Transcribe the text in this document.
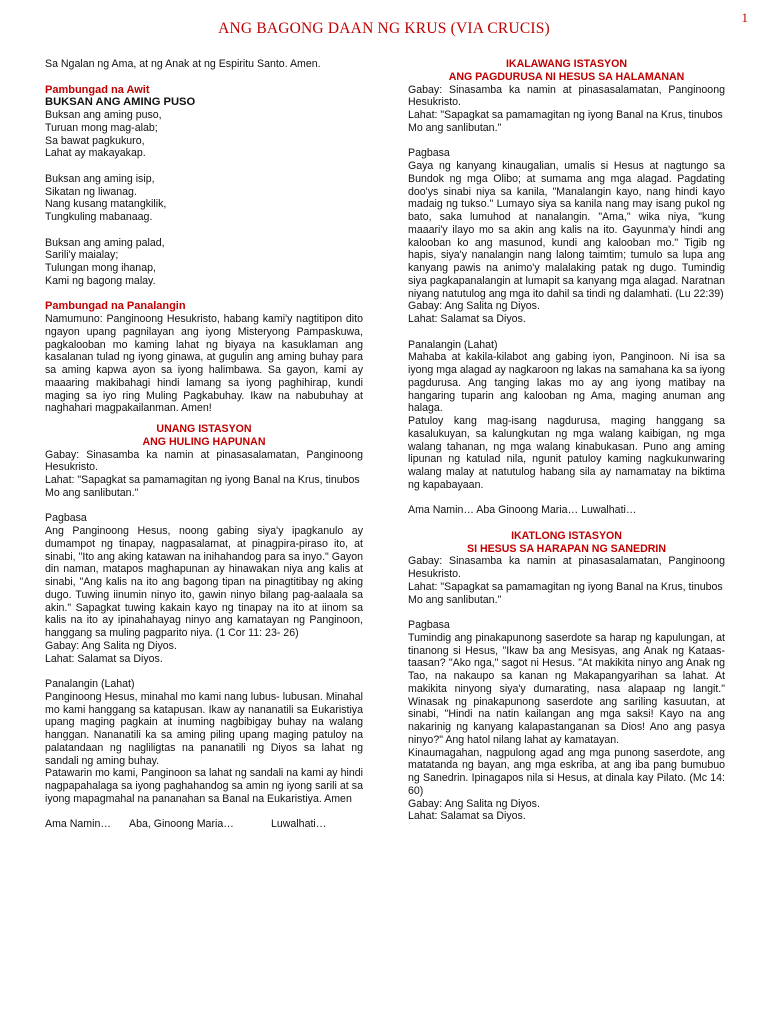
1
ANG BAGONG DAAN NG KRUS (VIA CRUCIS)

Sa Ngalan ng Ama, at ng Anak at ng Espiritu Santo. Amen.

Pambungad na Awit

BUKSAN ANG AMING PUSO

Buksan ang aming puso,

Turuan mong mag-alab;

Sa bawat pagkukuro,

Lahat ay makayakap.

Buksan ang aming isip,

Sikatan ng liwanag.

Nang kusang matangkilik,

Tungkuling mabanaag.

Buksan ang aming palad,

Sarili'y maialay;

Tulungan mong ihanap,

Kami ng bagong malay.

Pambungad na Panalangin

Namumuno: Panginoong Hesukristo, habang kami'y nagtitipon dito ngayon upang pagnilayan ang iyong Misteryong Pampaskuwa, pagkalooban mo kaming lahat ng biyaya na kasuklaman ang kasalanan tulad ng iyong ginawa, at gugulin ang aming buhay para sa aming kapwa ayon sa iyong halimbawa. Sa gayon, kami ay maaaring makibahagi hindi lamang sa iyong paghihirap, kundi maging sa iyo ring Muling Pagkabuhay. Ikaw na nabubuhay at naghahari magpakailanman. Amen!

UNANG ISTASYON

ANG HULING HAPUNAN

Gabay: Sinasamba ka namin at pinasasalamatan, Panginoong Hesukristo.

Lahat: "Sapagkat sa pamamagitan ng iyong Banal na Krus, tinubos Mo ang sanlibutan."

Pagbasa

Ang Panginoong Hesus, noong gabing siya'y ipagkanulo ay dumampot ng tinapay, nagpasalamat, at pinagpira-piraso ito, at sinabi, "Ito ang aking katawan na inihahandog para sa inyo." Gayon din naman, matapos maghapunan ay hinawakan niya ang kalis at sinabi, "Ang kalis na ito ang bagong tipan na pinagtitibay ng aking dugo. Tuwing iinumin ninyo ito, gawin ninyo bilang pag-aalaala sa akin." Sapagkat tuwing kakain kayo ng tinapay na ito at iinom sa kalis na ito ay ipinahahayag ninyo ang kamatayan ng Panginoon, hanggang sa muling pagparito niya. (1 Cor 11: 23- 26)

Gabay: Ang Salita ng Diyos.

Lahat: Salamat sa Diyos.

Panalangin (Lahat)

Panginoong Hesus, minahal mo kami nang lubus- lubusan. Minahal mo kami hanggang sa katapusan. Ikaw ay nananatili sa Eukaristiya upang maging pagkain at inuming nagbibigay buhay na walang hanggan. Nananatili ka sa aming piling upang maging patuloy na palatandaan ng nagliligtas na pananatili ng Diyos sa lahat ng sandali ng aming buhay.

Patawarin mo kami, Panginoon sa lahat ng sandali na kami ay hindi nagpapahalaga sa iyong paghahandog sa amin ng iyong sarili at sa iyong mapagmahal na pananahan sa Banal na Eukaristiya. Amen

Ama Namin… Aba, Ginoong Maria…	Luwalhati…

IKALAWANG ISTASYON

ANG PAGDURUSA NI HESUS SA HALAMANAN

Gabay: Sinasamba ka namin at pinasasalamatan, Panginoong Hesukristo.

Lahat: "Sapagkat sa pamamagitan ng iyong Banal na Krus, tinubos Mo ang sanlibutan."

Pagbasa

Gaya ng kanyang kinaugalian, umalis si Hesus at nagtungo sa Bundok ng mga Olibo; at sumama ang mga alagad. Pagdating doo'ys sinabi niya sa kanila, "Manalangin kayo, nang hindi kayo madaig ng tukso." Lumayo siya sa kanila nang may isang pukol ng bato, saka lumuhod at nanalangin. "Ama," wika niya, "kung maaari'y ilayo mo sa akin ang kalis na ito. Gayunma'y hindi ang kalooban ko ang masunod, kundi ang kalooban mo." Tigib ng hapis, siya'y nanalangin nang lalong taimtim; tumulo sa lupa ang kanyang pawis na animo'y malalaking patak ng dugo. Tumindig siya pagkapanalangin at lumapit sa kanyang mga alagad. Naratnan niyang natutulog ang mga ito dahil sa tindi ng dalamhati. (Lu 22:39)

Gabay: Ang Salita ng Diyos.

Lahat: Salamat sa Diyos.

Panalangin (Lahat)

Mahaba at kakila-kilabot ang gabing iyon, Panginoon. Ni isa sa iyong mga alagad ay nagkaroon ng lakas na samahana ka sa iyong pagdurusa. Ang tanging lakas mo ay ang iyong matibay na hangaring tuparin ang kalooban ng Ama, maging anuman ang halaga.

Patuloy kang mag-isang nagdurusa, maging hanggang sa kasalukuyan, sa kalungkutan ng mga walang kaibigan, ng mga walang tahanan, ng mga walang kinabukasan. Puno ang aming lipunan ng katulad nila, ngunit patuloy kaming nagkukunwaring walang malay at natutulog habang sila ay namamatay na biktima ng kapabayaan.

Ama Namin… Aba Ginoong Maria… Luwalhati…

IKATLONG ISTASYON

SI HESUS SA HARAPAN NG SANEDRIN

Gabay: Sinasamba ka namin at pinasasalamatan, Panginoong Hesukristo.

Lahat: "Sapagkat sa pamamagitan ng iyong Banal na Krus, tinubos Mo ang sanlibutan."

Pagbasa

Tumindig ang pinakapunong saserdote sa harap ng kapulungan, at tinanong si Hesus, "Ikaw ba ang Mesisyas, ang Anak ng Kataas-taasan? "Ako nga," sagot ni Hesus. "At makikita ninyo ang Anak ng Tao, na nakaupo sa kanan ng Makapangyarihan sa lahat. At makikita ninyong siya'y dumarating, nasa alapaap ng langit." Winasak ng pinakapunong saserdote ang sariling kasuutan, at sinabi, "Hindi na natin kailangan ang mga saksi! Kayo na ang nakarinig ng kanyang kalapastanganan sa Dios! Ano ang pasya ninyo?" Ang hatol nilang lahat ay kamatayan.

Kinaumagahan, nagpulong agad ang mga punong saserdote, ang matatanda ng bayan, ang mga eskriba, at ang iba pang bumubuo ng Sanedrin. Ipinagapos nila si Hesus, at dinala kay Pilato. (Mc 14: 60)

Gabay: Ang Salita ng Diyos.

Lahat: Salamat sa Diyos.
